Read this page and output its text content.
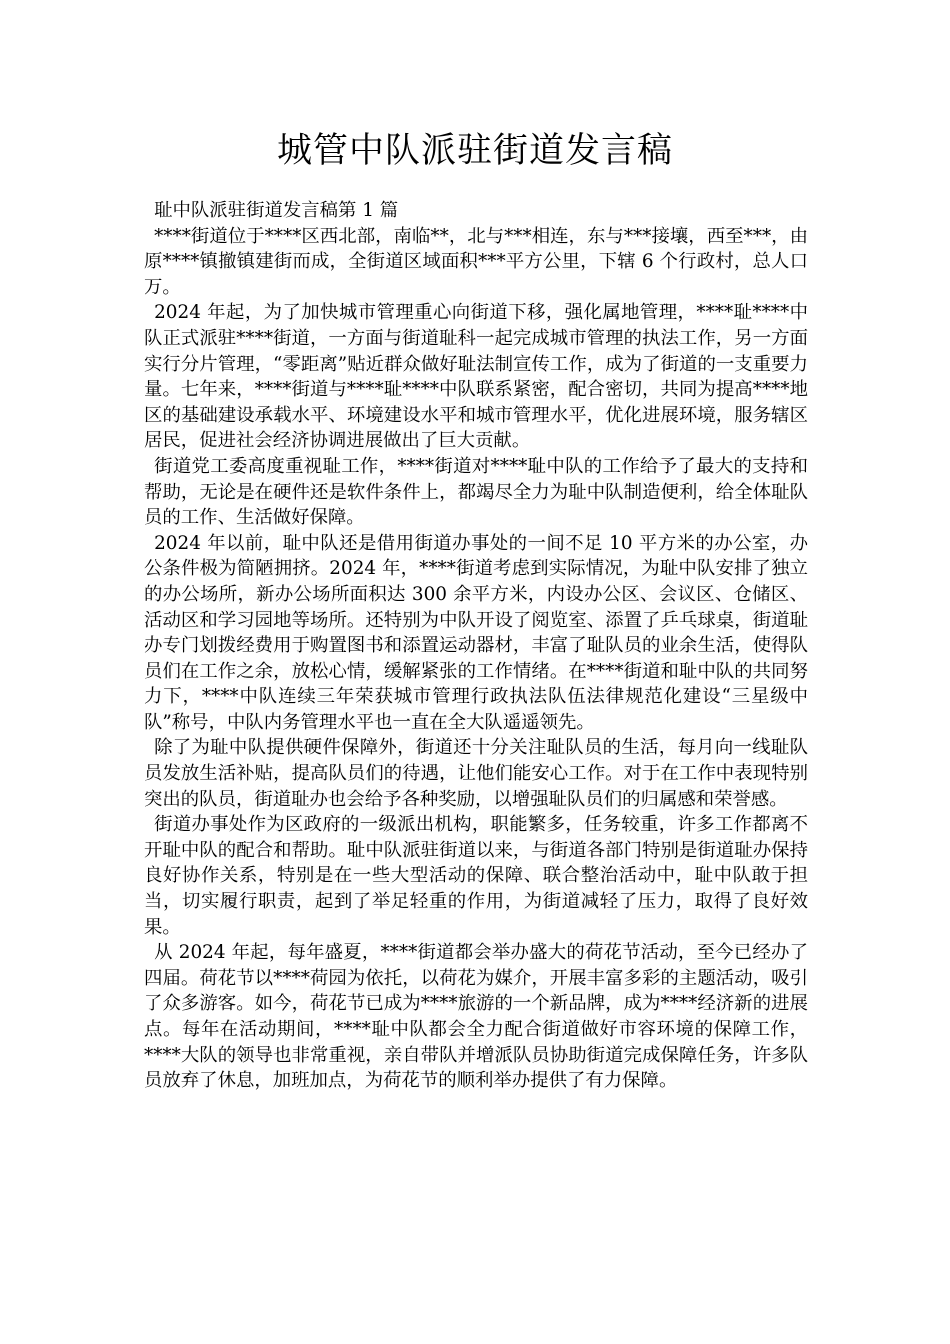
城管中队派驻街道发言稿

耻中队派驻街道发言稿第 1 篇

****街道位于****区西北部，南临**，北与***相连，东与***接壤，西至***，由原****镇撤镇建街而成，全街道区域面积***平方公里，下辖 6 个行政村，总人口万。

2024 年起，为了加快城市管理重心向街道下移，强化属地管理，****耻****中队正式派驻****街道，一方面与街道耻科一起完成城市管理的执法工作，另一方面实行分片管理，“零距离”贴近群众做好耻法制宣传工作，成为了街道的一支重要力量。七年来，****街道与****耻****中队联系紧密，配合密切，共同为提高****地区的基础建设承载水平、环境建设水平和城市管理水平，优化进展环境，服务辖区居民，促进社会经济协调进展做出了巨大贡献。

街道党工委高度重视耻工作，****街道对****耻中队的工作给予了最大的支持和帮助，无论是在硬件还是软件条件上，都竭尽全力为耻中队制造便利，给全体耻队员的工作、生活做好保障。

2024 年以前，耻中队还是借用街道办事处的一间不足 10 平方米的办公室，办公条件极为简陋拥挤。2024 年，****街道考虑到实际情况，为耻中队安排了独立的办公场所，新办公场所面积达 300 余平方米，内设办公区、会议区、仓储区、活动区和学习园地等场所。还特别为中队开设了阅览室、添置了乒乓球桌，街道耻办专门划拨经费用于购置图书和添置运动器材，丰富了耻队员的业余生活，使得队员们在工作之余，放松心情，缓解紧张的工作情绪。在****街道和耻中队的共同努力下，****中队连续三年荣获城市管理行政执法队伍法律规范化建设“三星级中队”称号，中队内务管理水平也一直在全大队遥遥领先。

除了为耻中队提供硬件保障外，街道还十分关注耻队员的生活，每月向一线耻队员发放生活补贴，提高队员们的待遇，让他们能安心工作。对于在工作中表现特别突出的队员，街道耻办也会给予各种奖励，以增强耻队员们的归属感和荣誉感。

街道办事处作为区政府的一级派出机构，职能繁多，任务较重，许多工作都离不开耻中队的配合和帮助。耻中队派驻街道以来，与街道各部门特别是街道耻办保持良好协作关系，特别是在一些大型活动的保障、联合整治活动中，耻中队敢于担当，切实履行职责，起到了举足轻重的作用，为街道减轻了压力，取得了良好效果。

从 2024 年起，每年盛夏，****街道都会举办盛大的荷花节活动，至今已经办了四届。荷花节以****荷园为依托，以荷花为媒介，开展丰富多彩的主题活动，吸引了众多游客。如今，荷花节已成为****旅游的一个新品牌，成为****经济新的进展点。每年在活动期间，****耻中队都会全力配合街道做好市容环境的保障工作，****大队的领导也非常重视，亲自带队并增派队员协助街道完成保障任务，许多队员放弃了休息，加班加点，为荷花节的顺利举办提供了有力保障。
